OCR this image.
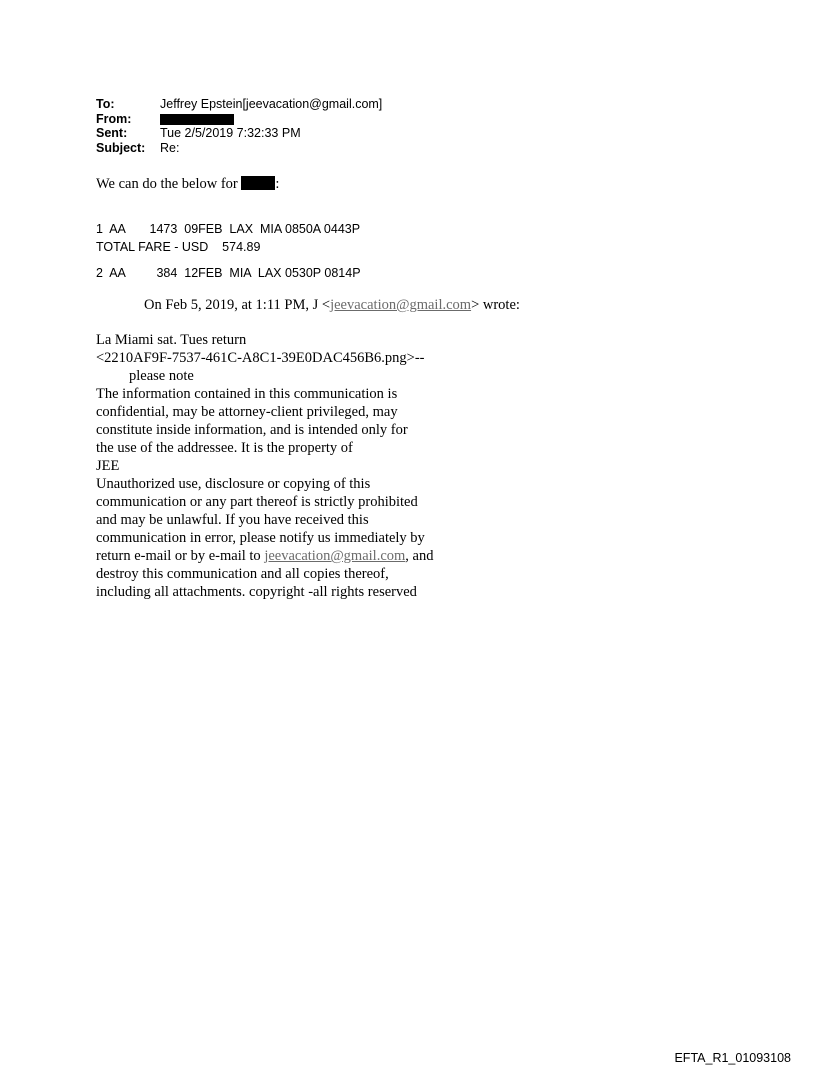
To:	Jeffrey Epstein[jeevacation@gmail.com]
From:
Sent:	Tue 2/5/2019 7:32:33 PM
Subject:	Re:
We can do the below for :

1  AA       1473  09FEB  LAX  MIA 0850A 0443P

2  AA         384  12FEB  MIA  LAX 0530P 0814P

TOTAL FARE - USD    574.89
On Feb 5, 2019, at 1:11 PM, J <jeevacation@gmail.com> wrote:
La Miami sat. Tues return
<2210AF9F-7537-461C-A8C1-39E0DAC456B6.png>--
please note
The information contained in this communication is
confidential, may be attorney-client privileged, may
constitute inside information, and is intended only for
the use of the addressee. It is the property of
JEE
Unauthorized use, disclosure or copying of this
communication or any part thereof is strictly prohibited
and may be unlawful. If you have received this
communication in error, please notify us immediately by
return e-mail or by e-mail to jeevacation@gmail.com, and
destroy this communication and all copies thereof,
including all attachments. copyright -all rights reserved
EFTA_R1_01093108
